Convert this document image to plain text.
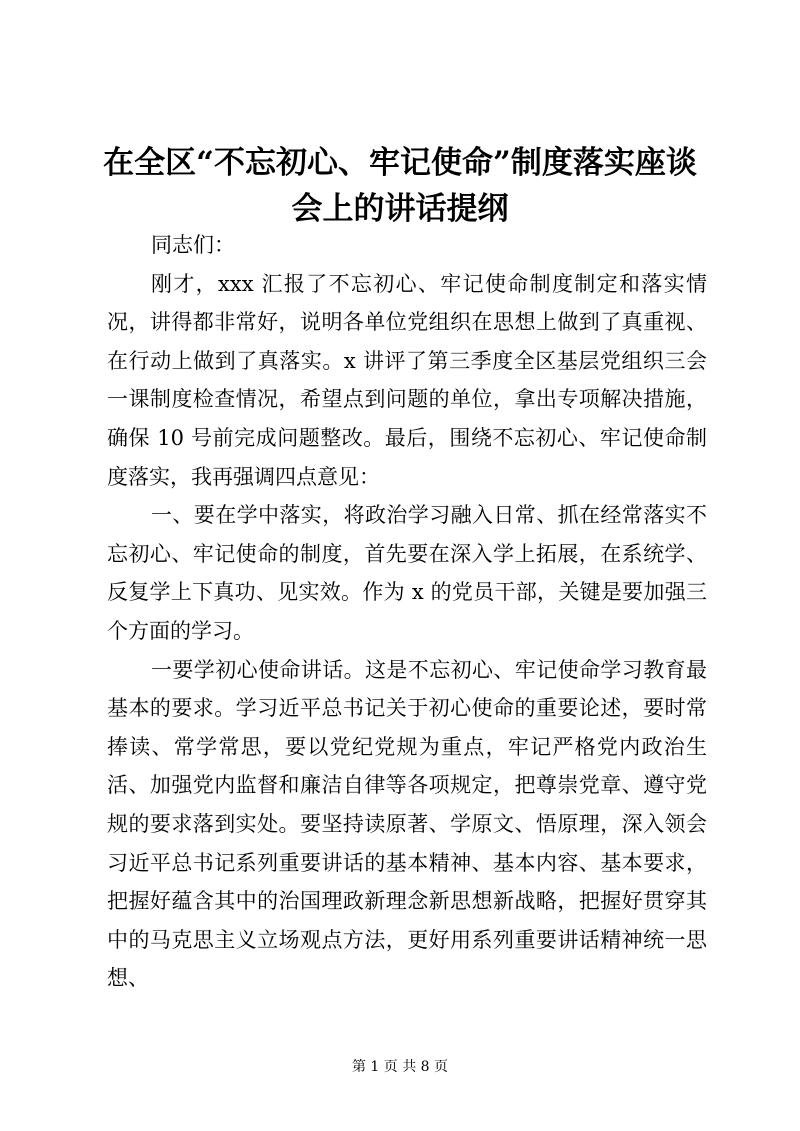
在全区“不忘初心、牢记使命”制度落实座谈会上的讲话提纲

同志们：

刚才，xxx 汇报了不忘初心、牢记使命制度制定和落实情况，讲得都非常好，说明各单位党组织在思想上做到了真重视、在行动上做到了真落实。x 讲评了第三季度全区基层党组织三会一课制度检查情况，希望点到问题的单位，拿出专项解决措施，确保 10 号前完成问题整改。最后，围绕不忘初心、牢记使命制度落实，我再强调四点意见：

一、要在学中落实，将政治学习融入日常、抓在经常落实不忘初心、牢记使命的制度，首先要在深入学上拓展，在系统学、反复学上下真功、见实效。作为 x 的党员干部，关键是要加强三个方面的学习。

一要学初心使命讲话。这是不忘初心、牢记使命学习教育最基本的要求。学习近平总书记关于初心使命的重要论述，要时常捧读、常学常思，要以党纪党规为重点，牢记严格党内政治生活、加强党内监督和廉洁自律等各项规定，把尊崇党章、遵守党规的要求落到实处。要坚持读原著、学原文、悟原理，深入领会习近平总书记系列重要讲话的基本精神、基本内容、基本要求，把握好蕴含其中的治国理政新理念新思想新战略，把握好贯穿其中的马克思主义立场观点方法，更好用系列重要讲话精神统一思想、

第 1 页 共 8 页
